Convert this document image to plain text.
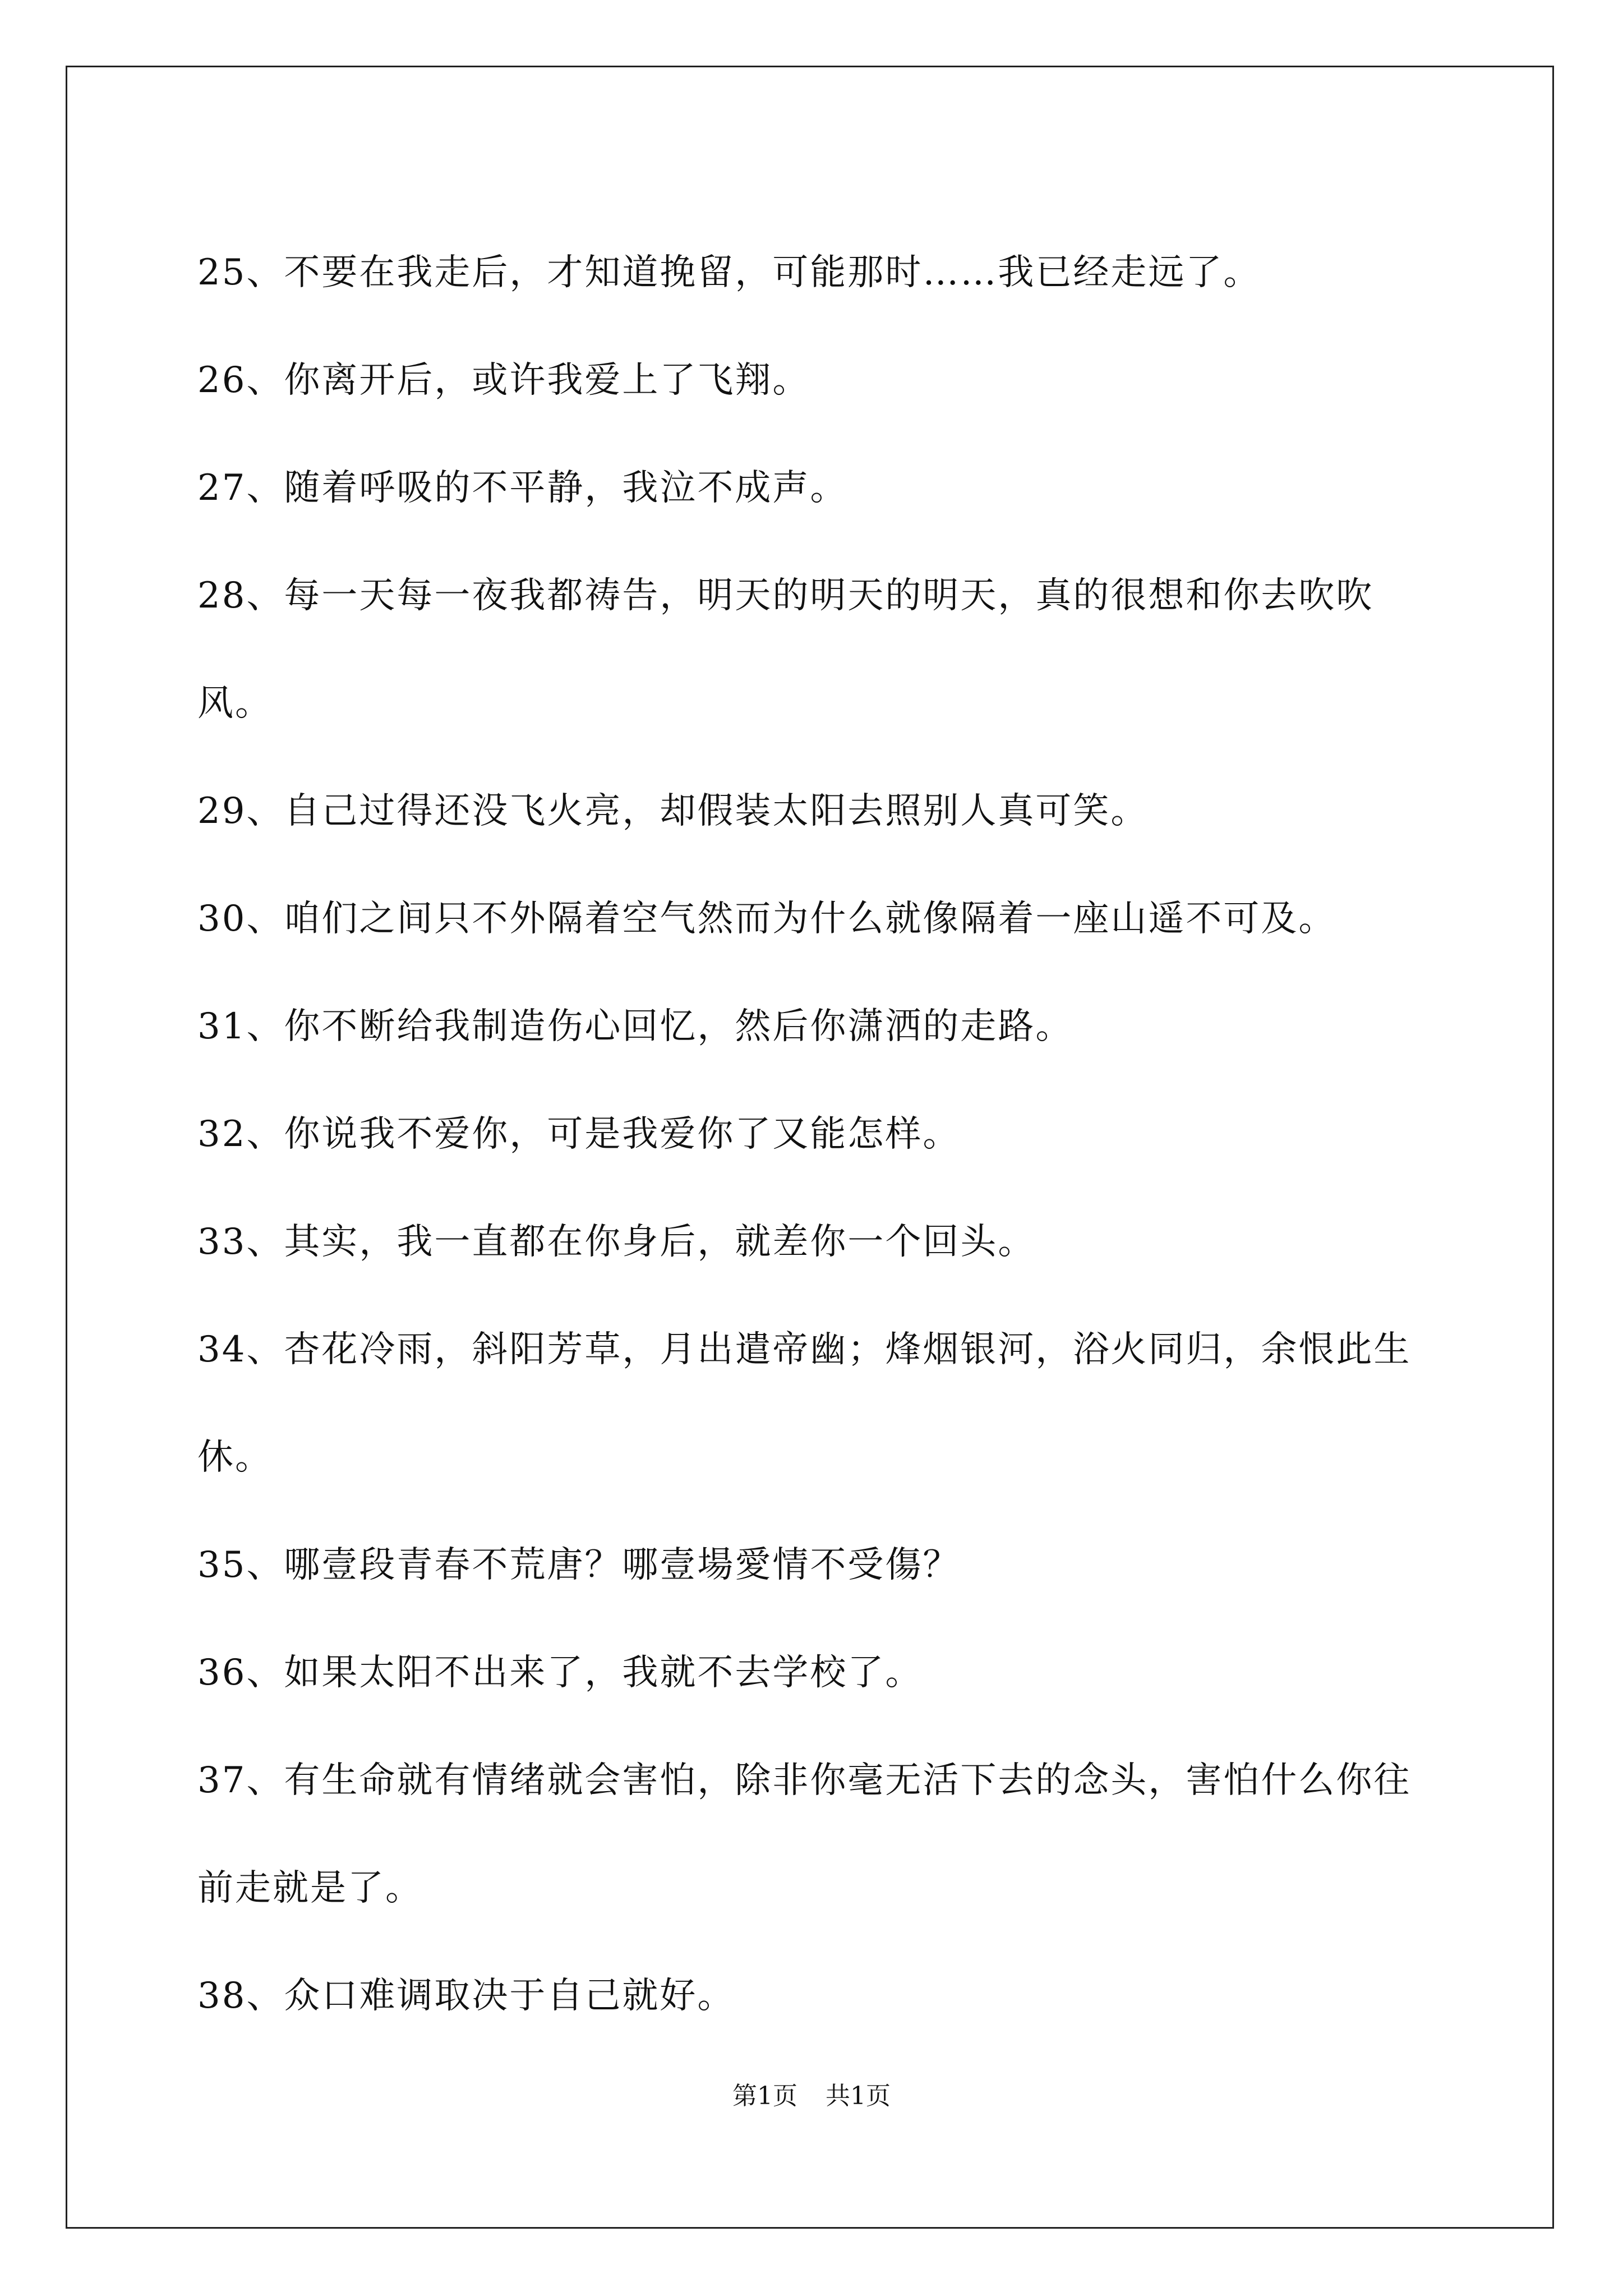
25、不要在我走后，才知道挽留，可能那时……我已经走远了。

26、你离开后，或许我爱上了飞翔。

27、随着呼吸的不平静，我泣不成声。

28、每一天每一夜我都祷告，明天的明天的明天，真的很想和你去吹吹风。

29、自己过得还没飞火亮，却假装太阳去照别人真可笑。

30、咱们之间只不外隔着空气然而为什么就像隔着一座山遥不可及。

31、你不断给我制造伤心回忆，然后你潇洒的走路。

32、你说我不爱你，可是我爱你了又能怎样。

33、其实，我一直都在你身后，就差你一个回头。

34、杏花冷雨，斜阳芳草，月出遣帝幽；烽烟银河，浴火同归，余恨此生休。

35、哪壹段青春不荒唐？哪壹場愛情不受傷？

36、如果太阳不出来了，我就不去学校了。

37、有生命就有情绪就会害怕，除非你毫无活下去的念头，害怕什么你往前走就是了。

38、众口难调取决于自己就好。

第1页 共1页
